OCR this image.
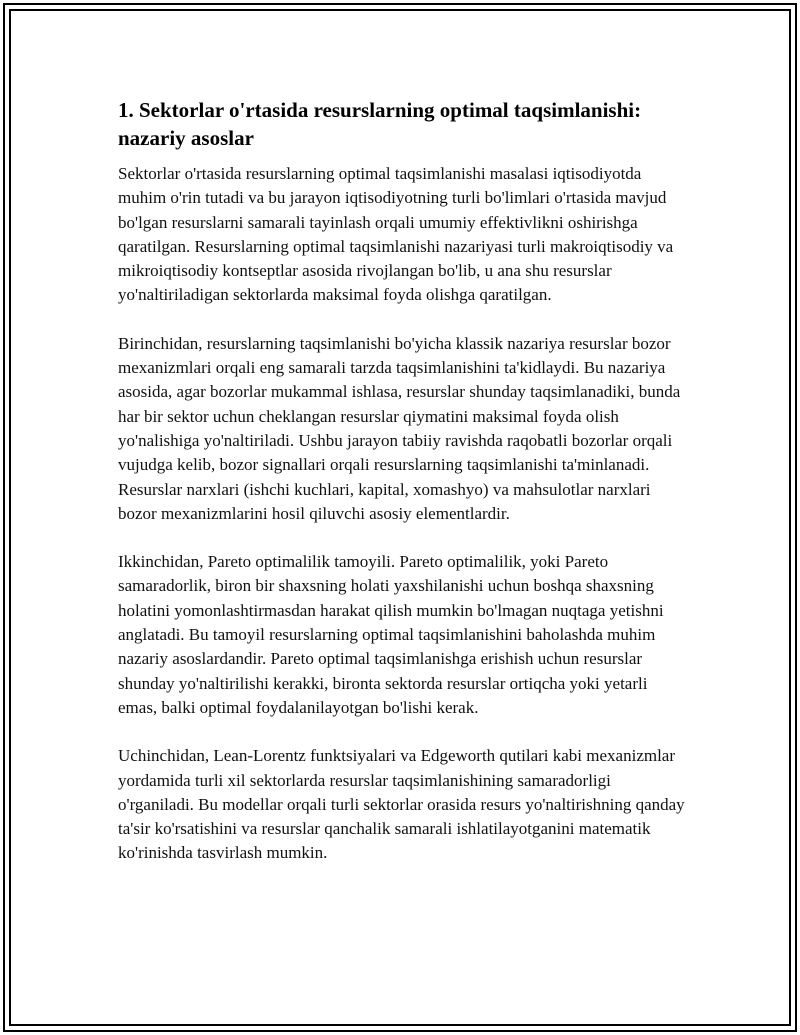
1. Sektorlar o'rtasida resurslarning optimal taqsimlanishi: nazariy asoslar

Sektorlar o'rtasida resurslarning optimal taqsimlanishi masalasi iqtisodiyotda muhim o'rin tutadi va bu jarayon iqtisodiyotning turli bo'limlari o'rtasida mavjud bo'lgan resurslarni samarali tayinlash orqali umumiy effektivlikni oshirishga qaratilgan. Resurslarning optimal taqsimlanishi nazariyasi turli makroiqtisodiy va mikroiqtisodiy kontseptlar asosida rivojlangan bo'lib, u ana shu resurslar yo'naltiriladigan sektorlarda maksimal foyda olishga qaratilgan.

Birinchidan, resurslarning taqsimlanishi bo'yicha klassik nazariya resurslar bozor mexanizmlari orqali eng samarali tarzda taqsimlanishini ta'kidlaydi. Bu nazariya asosida, agar bozorlar mukammal ishlasa, resurslar shunday taqsimlanadiki, bunda har bir sektor uchun cheklangan resurslar qiymatini maksimal foyda olish yo'nalishiga yo'naltiriladi. Ushbu jarayon tabiiy ravishda raqobatli bozorlar orqali vujudga kelib, bozor signallari orqali resurslarning taqsimlanishi ta'minlanadi. Resurslar narxlari (ishchi kuchlari, kapital, xomashyo) va mahsulotlar narxlari bozor mexanizmlarini hosil qiluvchi asosiy elementlardir.

Ikkinchidan, Pareto optimalilik tamoyili. Pareto optimalilik, yoki Pareto samaradorlik, biron bir shaxsning holati yaxshilanishi uchun boshqa shaxsning holatini yomonlashtirmasdan harakat qilish mumkin bo'lmagan nuqtaga yetishni anglatadi. Bu tamoyil resurslarning optimal taqsimlanishini baholashda muhim nazariy asoslardandir. Pareto optimal taqsimlanishga erishish uchun resurslar shunday yo'naltirilishi kerakki, bironta sektorda resurslar ortiqcha yoki yetarli emas, balki optimal foydalanilayotgan bo'lishi kerak.

Uchinchidan, Lean-Lorentz funktsiyalari va Edgeworth qutilari kabi mexanizmlar yordamida turli xil sektorlarda resurslar taqsimlanishining samaradorligi o'rganiladi. Bu modellar orqali turli sektorlar orasida resurs yo'naltirishning qanday ta'sir ko'rsatishini va resurslar qanchalik samarali ishlatilayotganini matematik ko'rinishda tasvirlash mumkin.
